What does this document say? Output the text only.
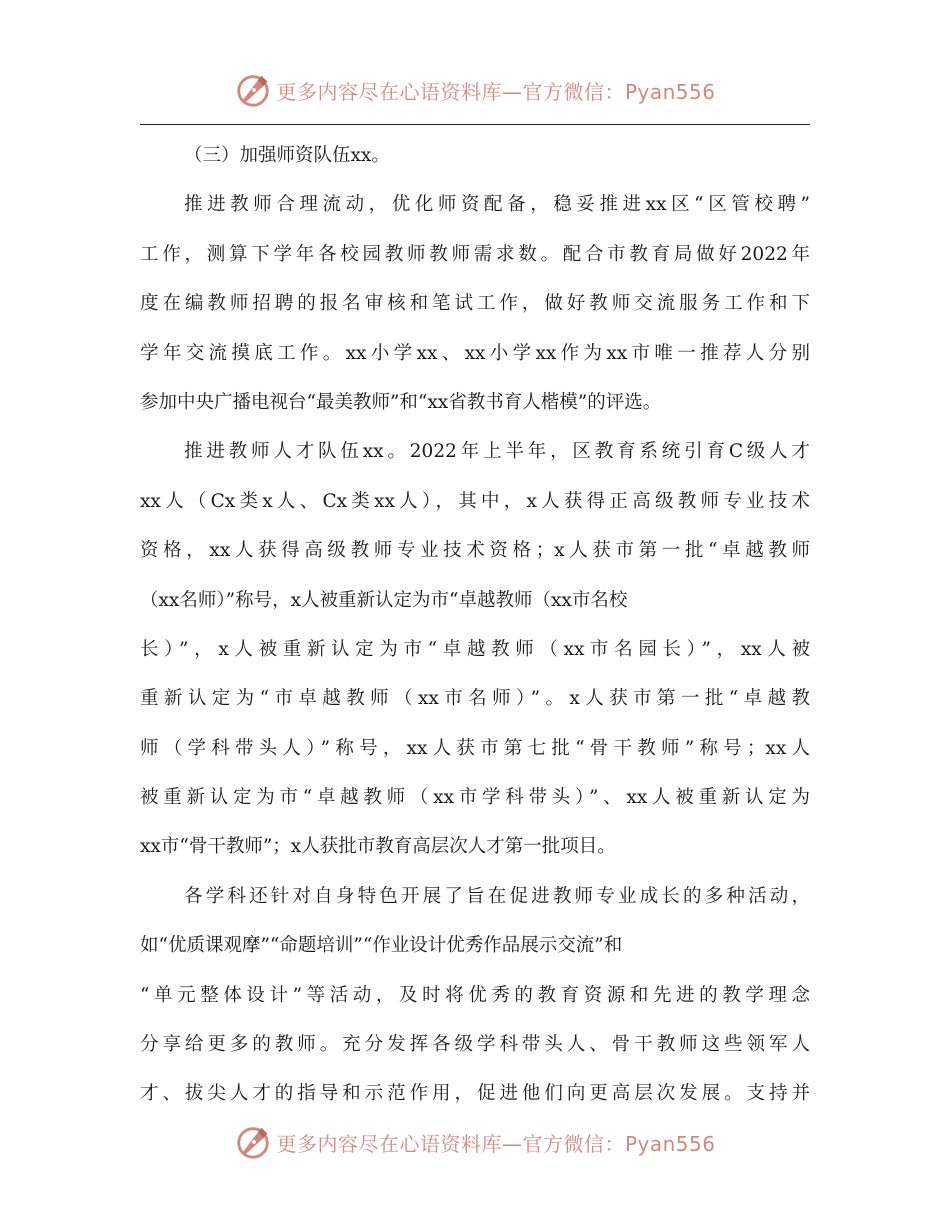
更多内容尽在心语资料库—官方微信：Pyan556
（三）加强师资队伍xx。
推进教师合理流动，优化师资配备，稳妥推进xx区“区管校聘”
工作，测算下学年各校园教师教师需求数。配合市教育局做好2022年
度在编教师招聘的报名审核和笔试工作，做好教师交流服务工作和下
学年交流摸底工作。xx小学xx、xx小学xx作为xx市唯一推荐人分别
参加中央广播电视台“最美教师”和“xx省教书育人楷模”的评选。
推进教师人才队伍xx。2022年上半年，区教育系统引育C级人才
xx人（Cx类x人、Cx类xx人），其中，x人获得正高级教师专业技术
资格，xx人获得高级教师专业技术资格；x人获市第一批“卓越教师
（xx名师）”称号，x人被重新认定为市“卓越教师（xx市名校
长）”，x人被重新认定为市“卓越教师（xx市名园长）”，xx人被
重新认定为“市卓越教师（xx市名师）”。x人获市第一批“卓越教
师（学科带头人）”称号，xx人获市第七批“骨干教师”称号；xx人
被重新认定为市“卓越教师（xx市学科带头）”、xx人被重新认定为
xx市“骨干教师”；x人获批市教育高层次人才第一批项目。
各学科还针对自身特色开展了旨在促进教师专业成长的多种活动，
如“优质课观摩”“命题培训”“作业设计优秀作品展示交流”和
“单元整体设计”等活动，及时将优秀的教育资源和先进的教学理念
分享给更多的教师。充分发挥各级学科带头人、骨干教师这些领军人
才、拔尖人才的指导和示范作用，促进他们向更高层次发展。支持并
更多内容尽在心语资料库—官方微信：Pyan556
